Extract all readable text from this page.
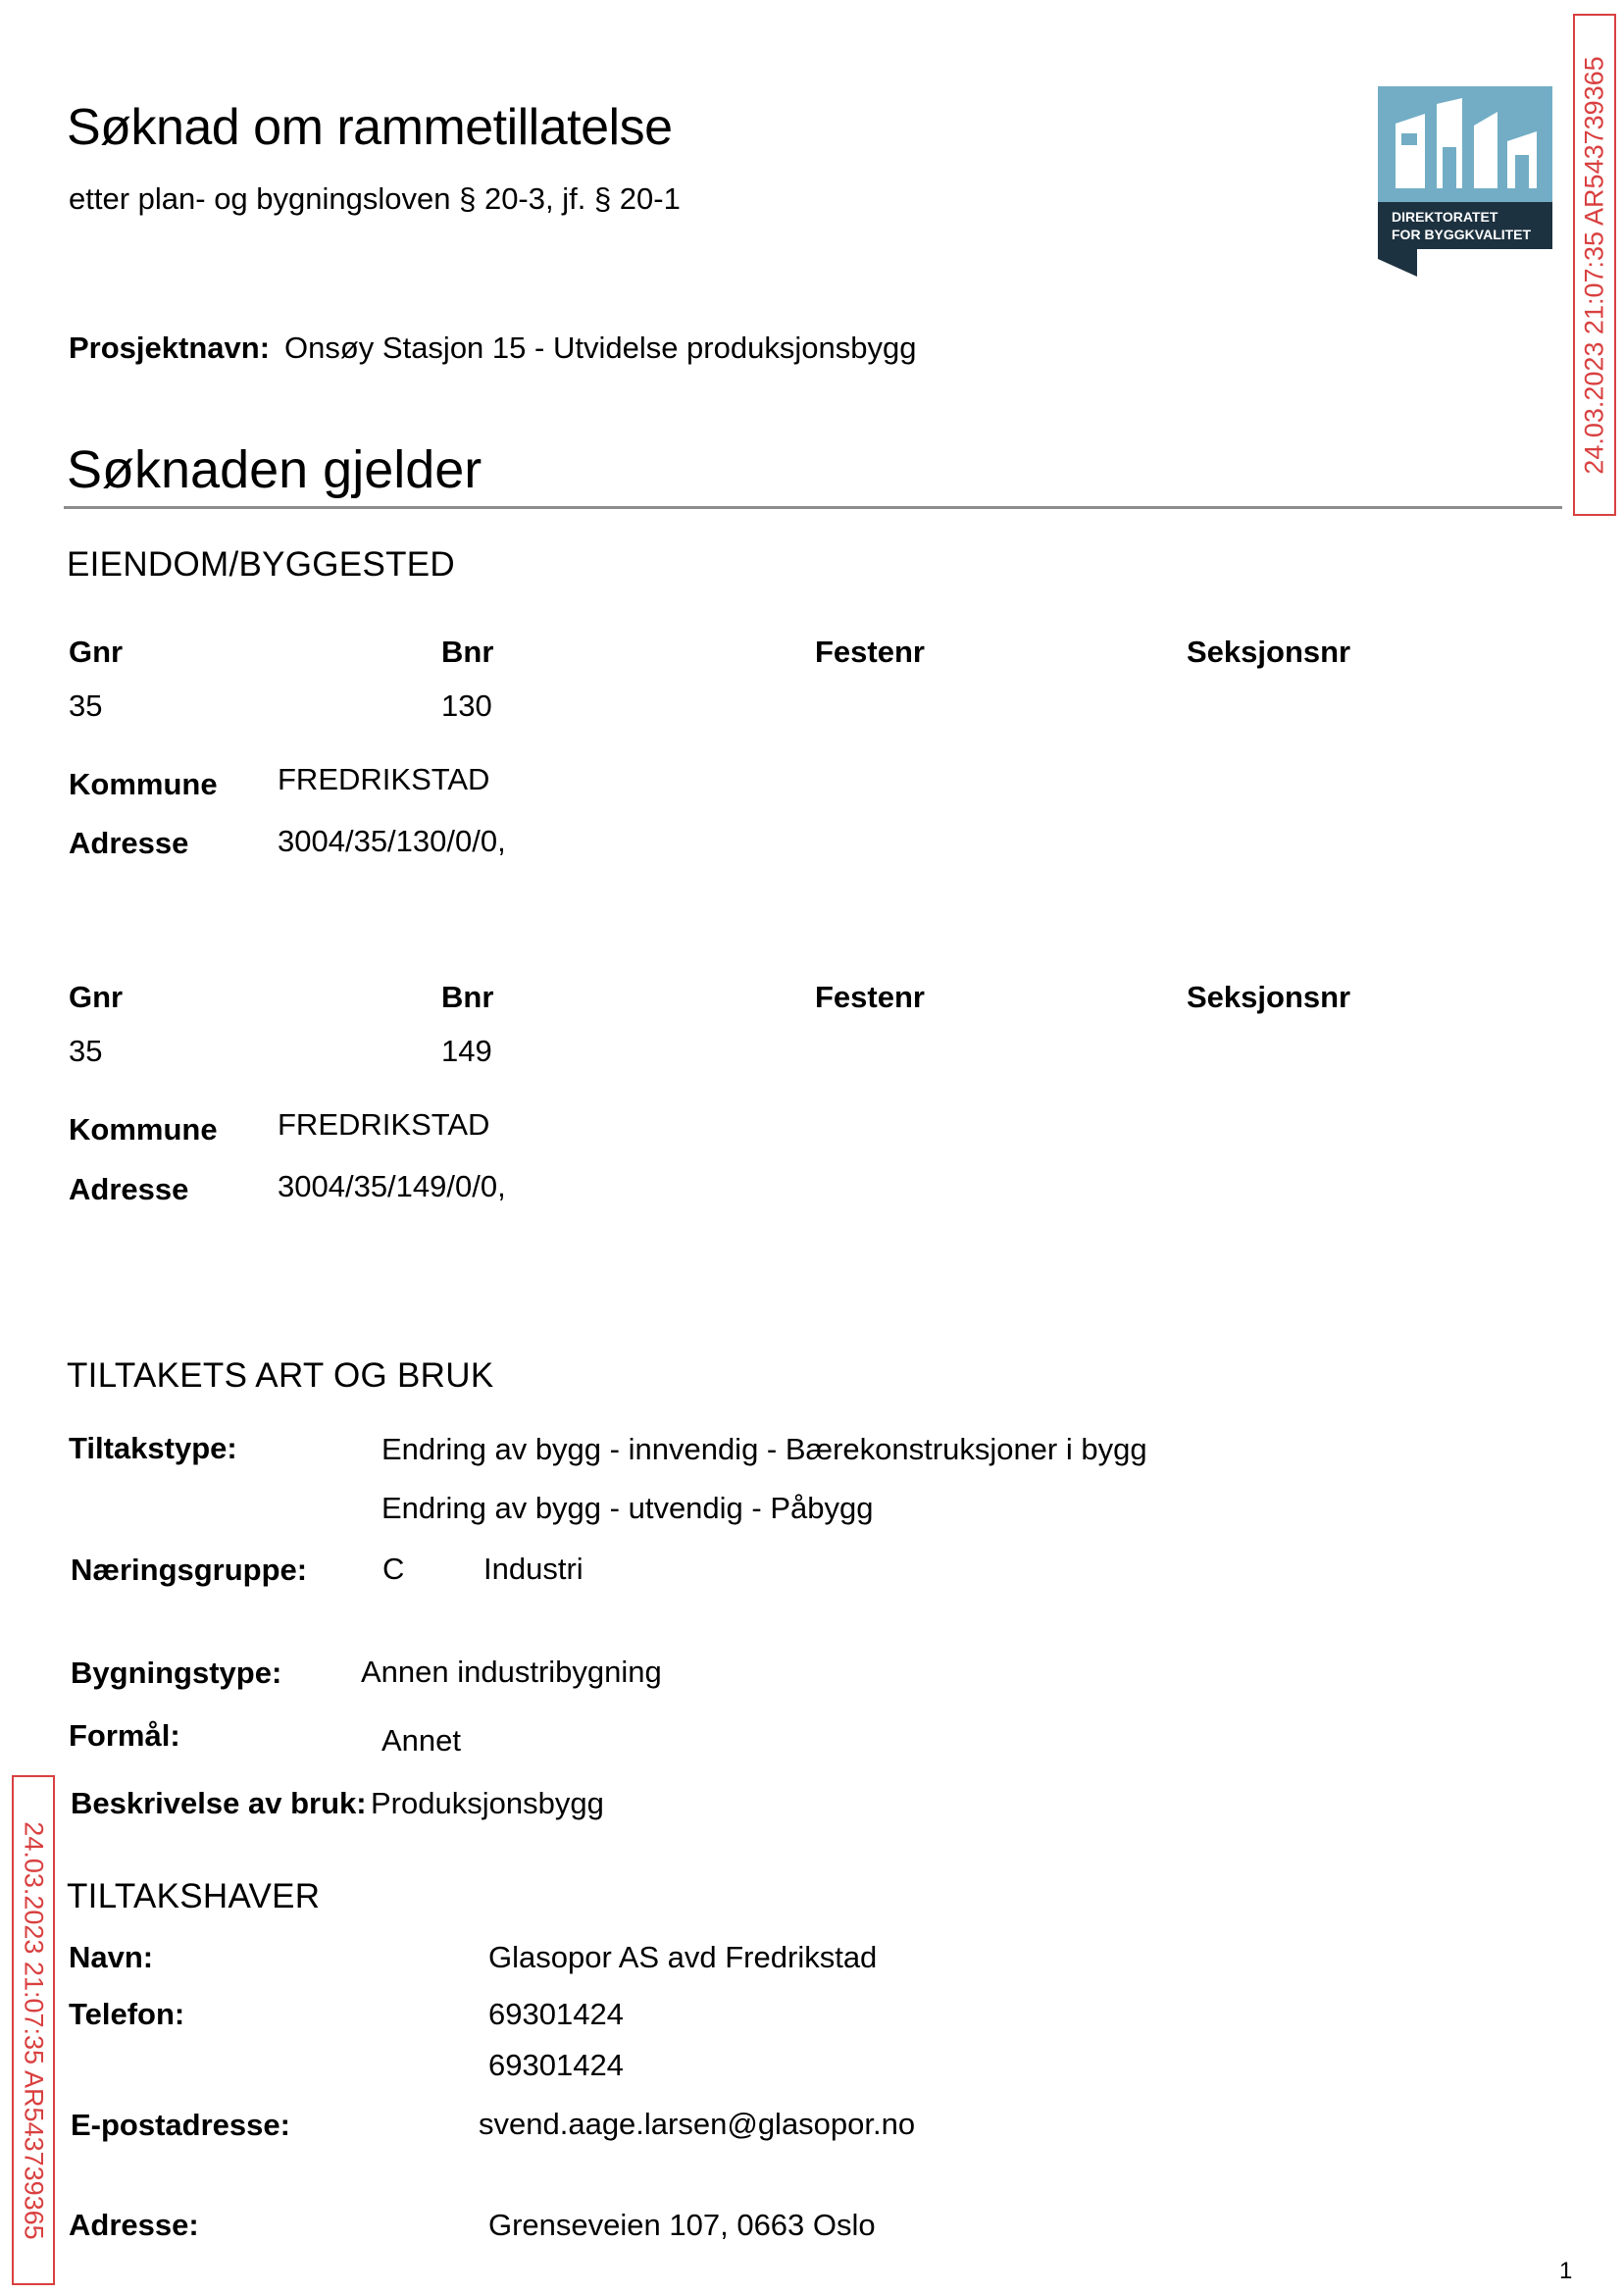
Søknad om rammetillatelse
etter plan- og bygningsloven § 20-3, jf. § 20-1
DIREKTORATET
FOR BYGGKVALITET 24.03.2023 21:07:35 AR543739365
24.03.2023 21:07:35 AR543739365
Prosjektnavn: Onsøy Stasjon 15 - Utvidelse produksjonsbygg
Søknaden gjelder
EIENDOM/BYGGESTED
Gnr	Bnr	Festenr	Seksjonsnr
35	130
Kommune FREDRIKSTAD
Adresse	3004/35/130/0/0,
Gnr	Bnr	Festenr	Seksjonsnr
35	149
Kommune FREDRIKSTAD
Adresse	3004/35/149/0/0,
TILTAKETS ART OG BRUK
Tiltakstype:	Endring av bygg - innvendig - Bærekonstruksjoner i bygg
Endring av bygg - utvendig - Påbygg
Næringsgruppe: C	Industri
Bygningstype:	Annen industribygning
Formål:	Annet
Beskrivelse av bruk: Produksjonsbygg
TILTAKSHAVER
Navn:	Glasopor AS avd Fredrikstad
Telefon:	69301424
69301424
E-postadresse:	svend.aage.larsen@glasopor.no
Adresse:	Grenseveien 107, 0663 Oslo
1
